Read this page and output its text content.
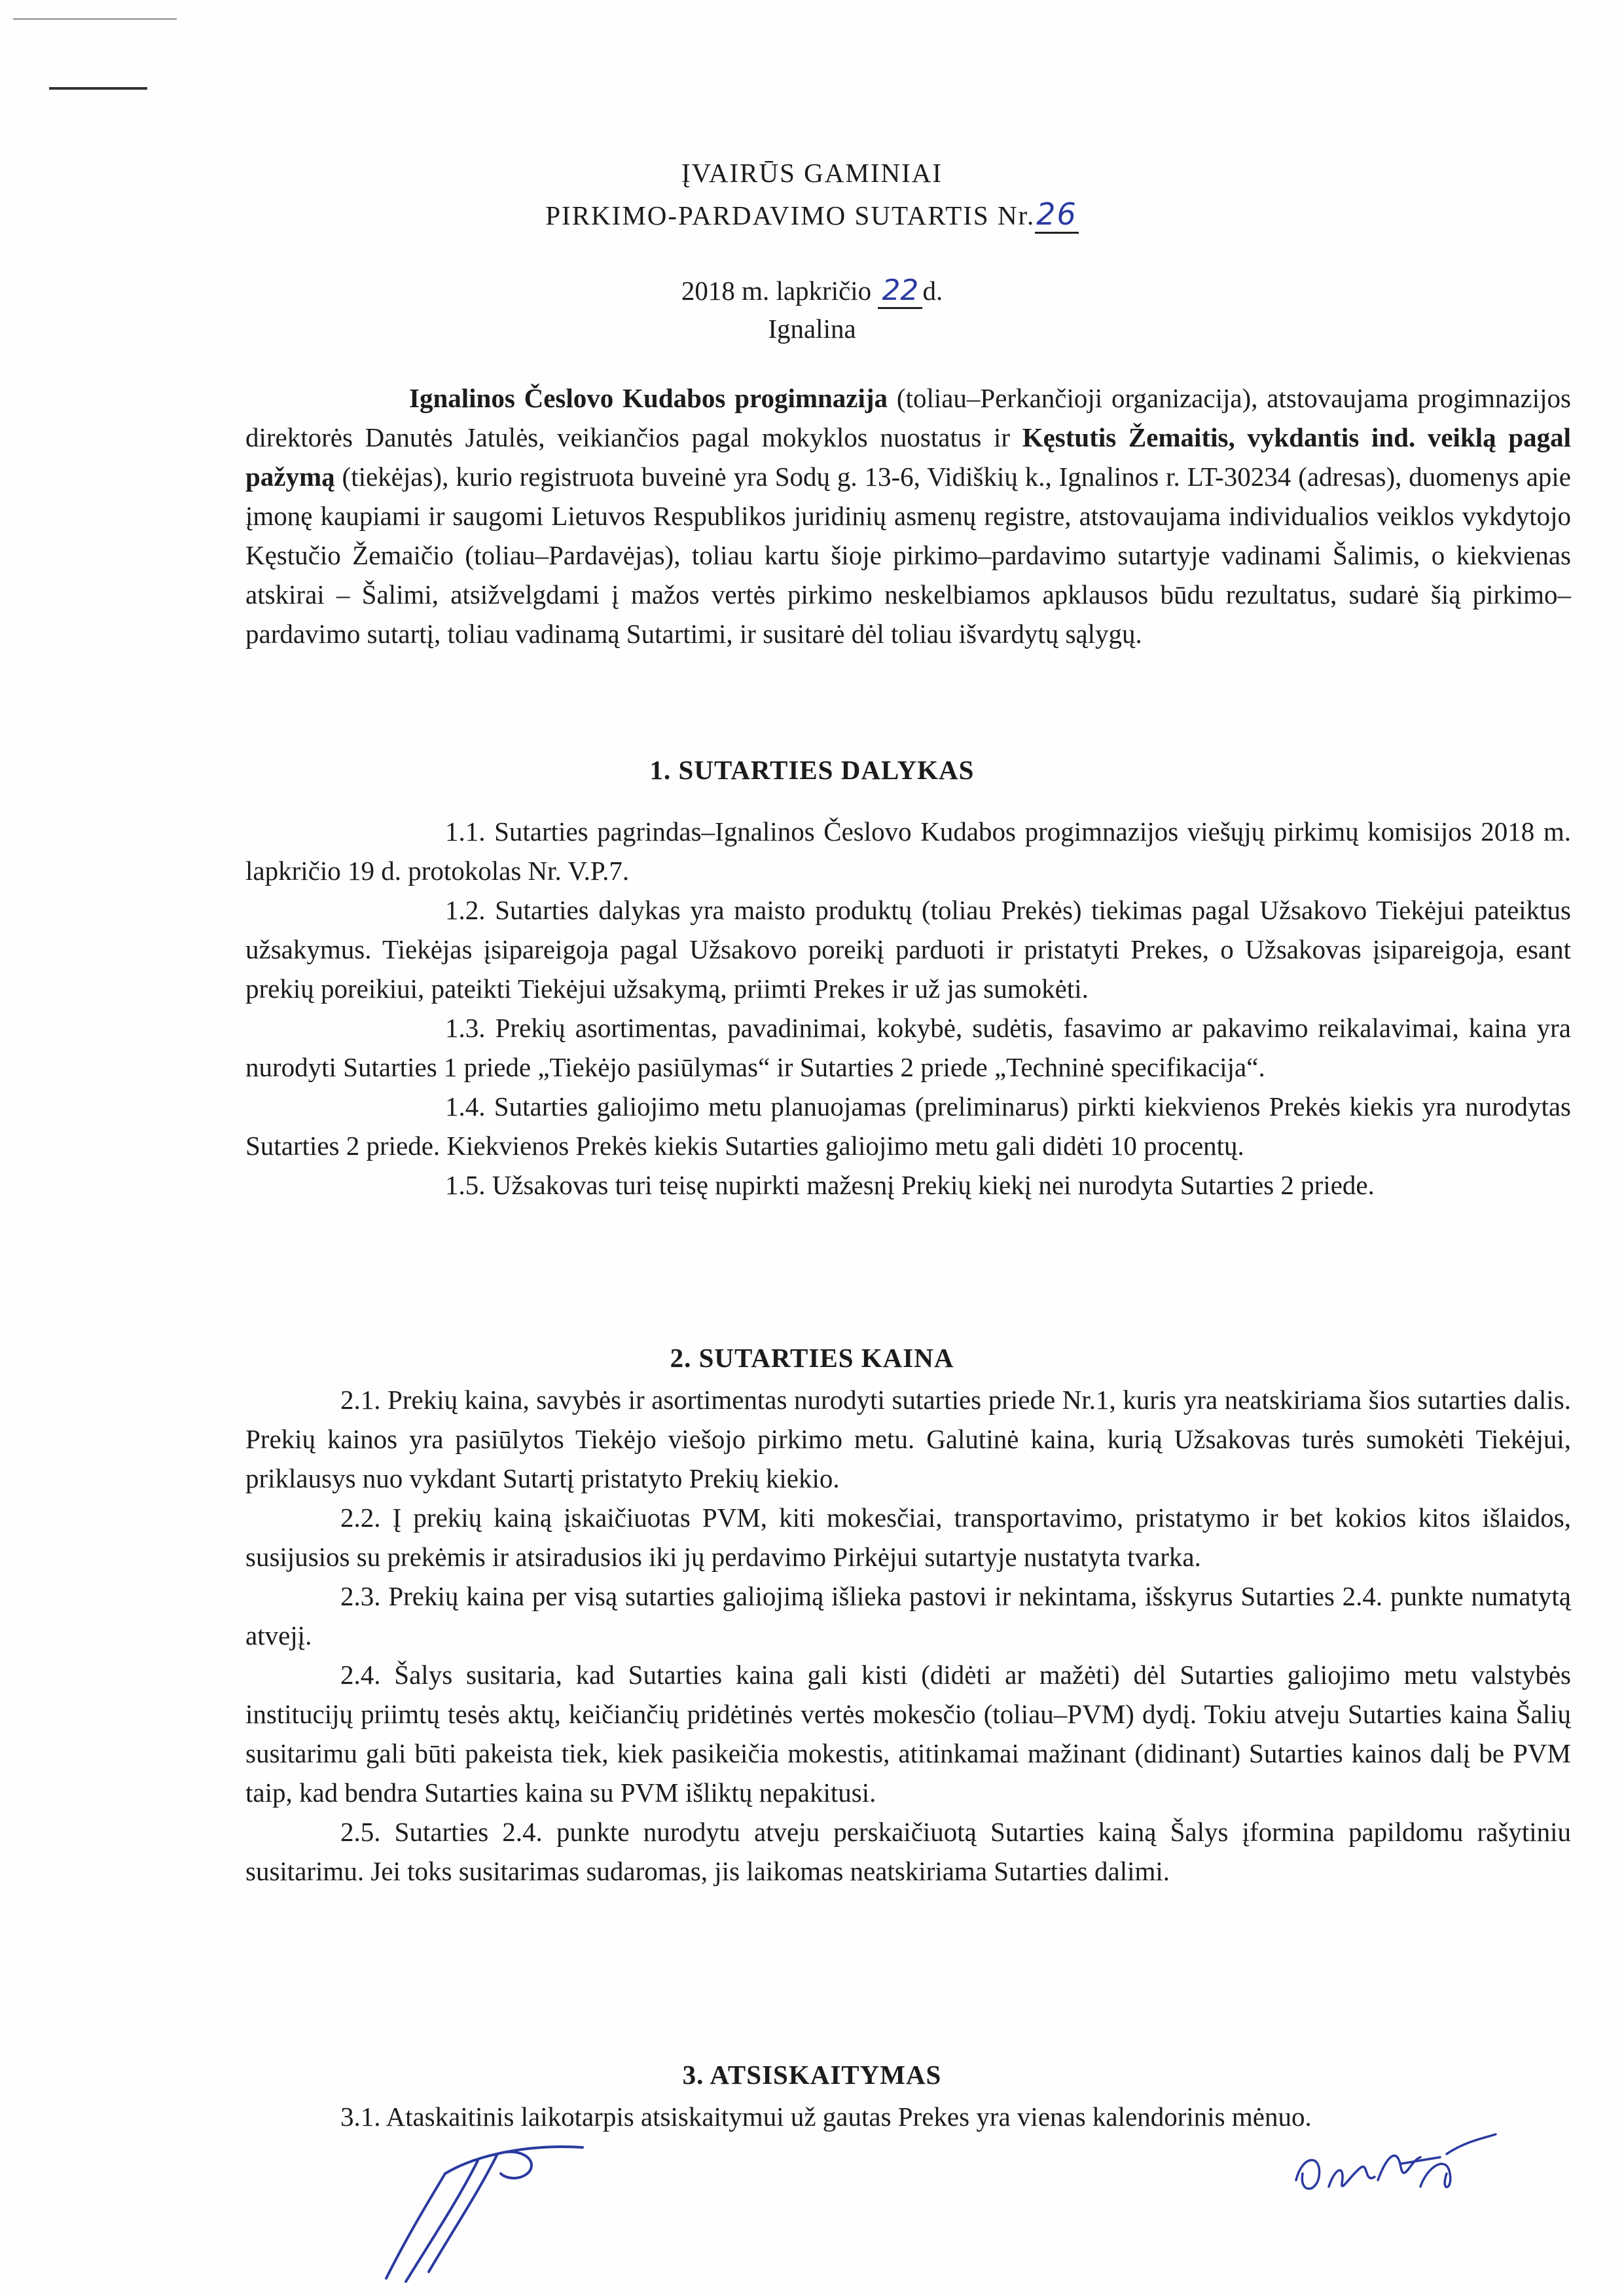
ĮVAIRŪS GAMINIAI
PIRKIMO-PARDAVIMO SUTARTIS Nr.26
2018 m. lapkričio 22 d.
Ignalina

Ignalinos Česlovo Kudabos progimnazija (toliau–Perkančioji organizacija), atstovaujama progimnazijos direktorės Danutės Jatulės, veikiančios pagal mokyklos nuostatus ir Kęstutis Žemaitis, vykdantis ind. veiklą pagal pažymą (tiekėjas), kurio registruota buveinė yra Sodų g. 13-6, Vidiškių k., Ignalinos r. LT-30234 (adresas), duomenys apie įmonę kaupiami ir saugomi Lietuvos Respublikos juridinių asmenų registre, atstovaujama individualios veiklos vykdytojo Kęstučio Žemaičio (toliau–Pardavėjas), toliau kartu šioje pirkimo–pardavimo sutartyje vadinami Šalimis, o kiekvienas atskirai – Šalimi, atsižvelgdami į mažos vertės pirkimo neskelbiamos apklausos būdu rezultatus, sudarė šią pirkimo–pardavimo sutartį, toliau vadinamą Sutartimi, ir susitarė dėl toliau išvardytų sąlygų.

1. SUTARTIES DALYKAS

1.1. Sutarties pagrindas–Ignalinos Česlovo Kudabos progimnazijos viešųjų pirkimų komisijos 2018 m. lapkričio 19 d. protokolas Nr. V.P.7.

1.2. Sutarties dalykas yra maisto produktų (toliau Prekės) tiekimas pagal Užsakovo Tiekėjui pateiktus užsakymus. Tiekėjas įsipareigoja pagal Užsakovo poreikį parduoti ir pristatyti Prekes, o Užsakovas įsipareigoja, esant prekių poreikiui, pateikti Tiekėjui užsakymą, priimti Prekes ir už jas sumokėti.

1.3. Prekių asortimentas, pavadinimai, kokybė, sudėtis, fasavimo ar pakavimo reikalavimai, kaina yra nurodyti Sutarties 1 priede „Tiekėjo pasiūlymas“ ir Sutarties 2 priede „Techninė specifikacija“.

1.4. Sutarties galiojimo metu planuojamas (preliminarus) pirkti kiekvienos Prekės kiekis yra nurodytas Sutarties 2 priede. Kiekvienos Prekės kiekis Sutarties galiojimo metu gali didėti 10 procentų.

1.5. Užsakovas turi teisę nupirkti mažesnį Prekių kiekį nei nurodyta Sutarties 2 priede.

2. SUTARTIES KAINA

2.1. Prekių kaina, savybės ir asortimentas nurodyti sutarties priede Nr.1, kuris yra neatskiriama šios sutarties dalis. Prekių kainos yra pasiūlytos Tiekėjo viešojo pirkimo metu. Galutinė kaina, kurią Užsakovas turės sumokėti Tiekėjui, priklausys nuo vykdant Sutartį pristatyto Prekių kiekio.

2.2. Į prekių kainą įskaičiuotas PVM, kiti mokesčiai, transportavimo, pristatymo ir bet kokios kitos išlaidos, susijusios su prekėmis ir atsiradusios iki jų perdavimo Pirkėjui sutartyje nustatyta tvarka.

2.3. Prekių kaina per visą sutarties galiojimą išlieka pastovi ir nekintama, išskyrus Sutarties 2.4. punkte numatytą atvejį.

2.4. Šalys susitaria, kad Sutarties kaina gali kisti (didėti ar mažėti) dėl Sutarties galiojimo metu valstybės institucijų priimtų tesės aktų, keičiančių pridėtinės vertės mokesčio (toliau–PVM) dydį. Tokiu atveju Sutarties kaina Šalių susitarimu gali būti pakeista tiek, kiek pasikeičia mokestis, atitinkamai mažinant (didinant) Sutarties kainos dalį be PVM taip, kad bendra Sutarties kaina su PVM išliktų nepakitusi.

2.5. Sutarties 2.4. punkte nurodytu atveju perskaičiuotą Sutarties kainą Šalys įformina papildomu rašytiniu susitarimu. Jei toks susitarimas sudaromas, jis laikomas neatskiriama Sutarties dalimi.

3. ATSISKAITYMAS

3.1. Ataskaitinis laikotarpis atsiskaitymui už gautas Prekes yra vienas kalendorinis mėnuo.
